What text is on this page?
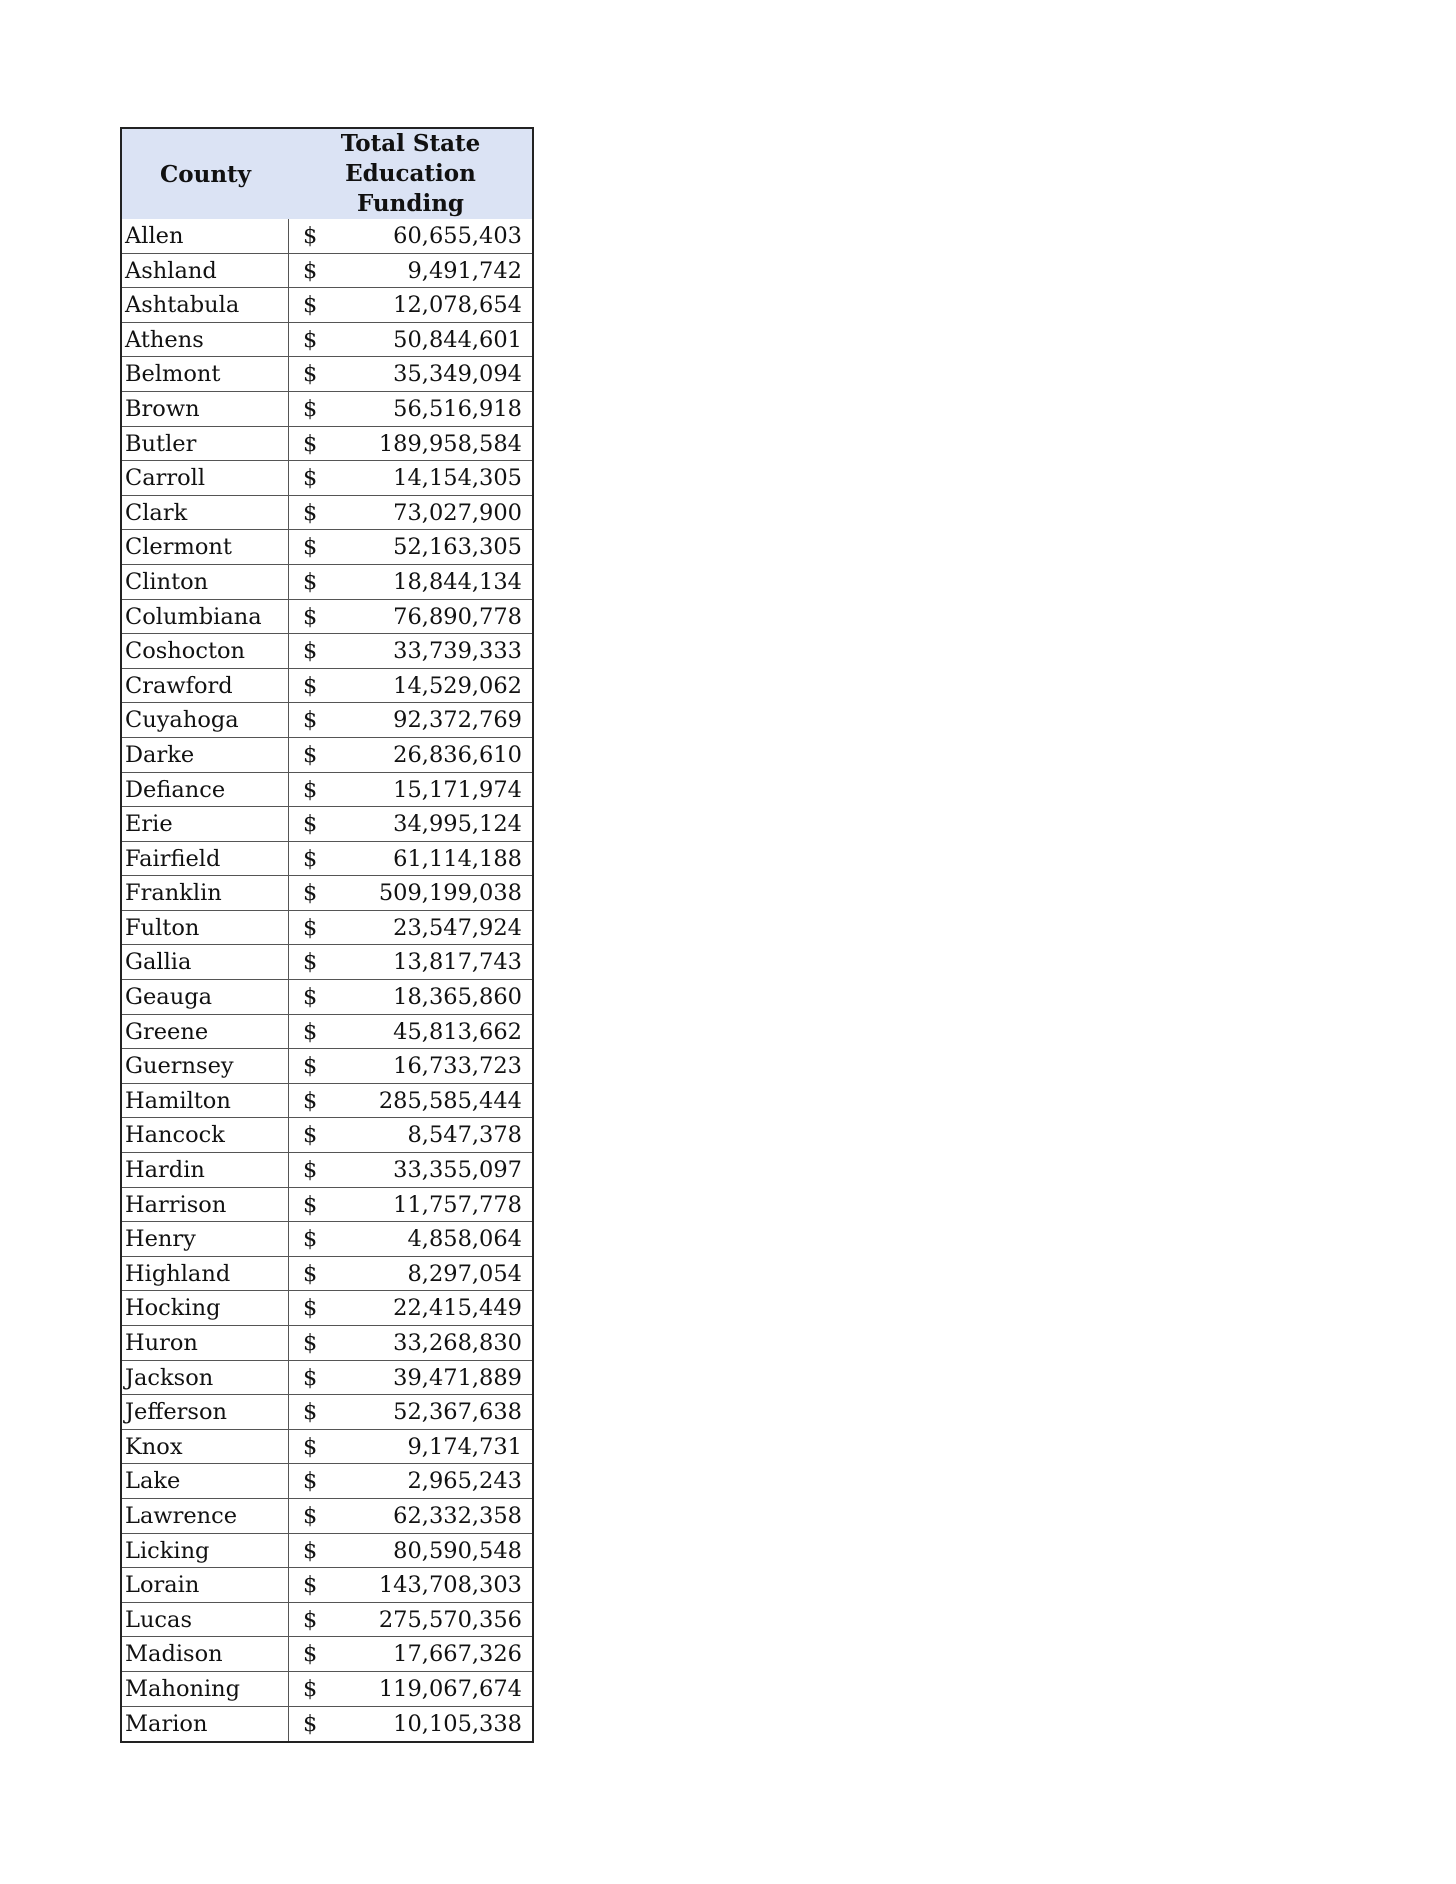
County
Total State
Education Funding
Allen	$	60,655,403
Ashland	$	9,491,742
Ashtabula	$	12,078,654
Athens	$	50,844,601
Belmont	$	35,349,094
Brown	$	56,516,918
Butler	$	189,958,584
Carroll	$	14,154,305
Clark	$	73,027,900
Clermont	$	52,163,305
Clinton	$	18,844,134
Columbiana	$	76,890,778
Coshocton	$	33,739,333
Crawford	$	14,529,062
Cuyahoga	$	92,372,769
Darke	$	26,836,610
Defiance	$	15,171,974
Erie	$	34,995,124
Fairfield	$	61,114,188
Franklin	$	509,199,038
Fulton	$	23,547,924
Gallia	$	13,817,743
Geauga	$	18,365,860
Greene	$	45,813,662
Guernsey	$	16,733,723
Hamilton	$	285,585,444
Hancock	$	8,547,378
Hardin	$	33,355,097
Harrison	$	11,757,778
Henry	$	4,858,064
Highland	$	8,297,054
Hocking	$	22,415,449
Huron	$	33,268,830
Jackson	$	39,471,889
Jefferson	$	52,367,638
Knox	$	9,174,731
Lake	$	2,965,243
Lawrence	$	62,332,358
Licking	$	80,590,548
Lorain	$	143,708,303
Lucas	$	275,570,356
Madison	$	17,667,326
Mahoning	$	119,067,674
Marion	$	10,105,338
